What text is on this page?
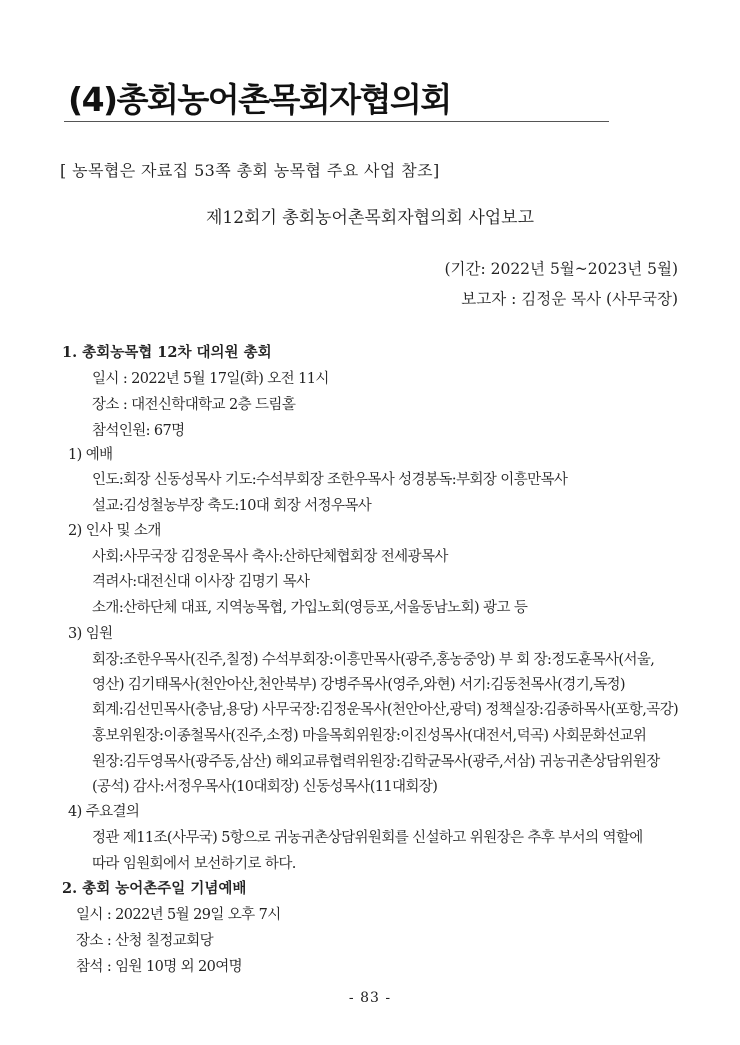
(4)총회농어촌목회자협의회
[ 농목협은 자료집 53쪽 총회 농목협 주요 사업 참조]
제12회기 총회농어촌목회자협의회 사업보고
(기간: 2022년 5월~2023년 5월)
보고자 : 김정운 목사 (사무국장)
1. 총회농목협 12차 대의원 총회
일시 : 2022년 5월 17일(화) 오전 11시
장소 : 대전신학대학교 2층 드림홀
참석인원: 67명
1) 예배
인도:회장 신동성목사 기도:수석부회장 조한우목사 성경봉독:부회장 이흥만목사
설교:김성철농부장 축도:10대 회장 서정우목사
2) 인사 및 소개
사회:사무국장 김정운목사 축사:산하단체협회장 전세광목사
격려사:대전신대 이사장 김명기 목사
소개:산하단체 대표, 지역농목협, 가입노회(영등포,서울동남노회) 광고 등
3) 임원
회장:조한우목사(진주,칠정) 수석부회장:이흥만목사(광주,홍농중앙) 부 회 장:정도훈목사(서울,
영산) 김기태목사(천안아산,천안북부) 강병주목사(영주,와현) 서기:김동천목사(경기,독정)
회계:김선민목사(충남,용당) 사무국장:김정운목사(천안아산,광덕) 정책실장:김종하목사(포항,곡강)
홍보위원장:이종철목사(진주,소정) 마을목회위원장:이진성목사(대전서,덕곡) 사회문화선교위
원장:김두영목사(광주동,삼산) 해외교류협력위원장:김학균목사(광주,서삼) 귀농귀촌상담위원장
(공석) 감사:서정우목사(10대회장) 신동성목사(11대회장)
4) 주요결의
정관 제11조(사무국) 5항으로 귀농귀촌상담위원회를 신설하고 위원장은 추후 부서의 역할에
따라 임원회에서 보선하기로 하다.
2. 총회 농어촌주일 기념예배
일시 : 2022년 5월 29일 오후 7시
장소 : 산청 칠정교회당
참석 : 임원 10명 외 20여명
- 83 -
